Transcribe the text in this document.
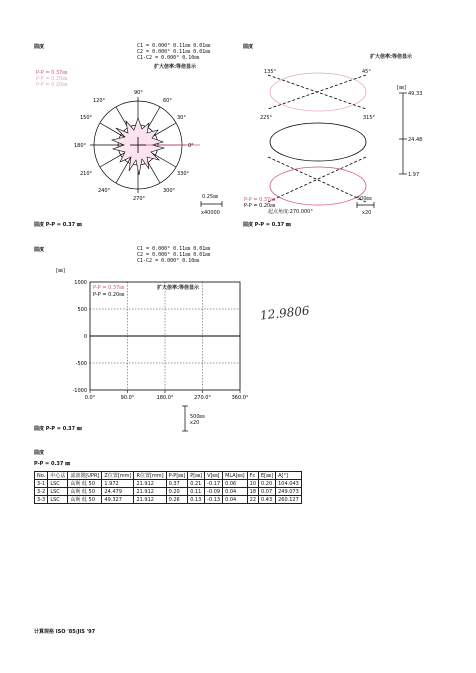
圆度	C1 = 0.000° 0.11㎜ 0.01㎜
C2 = 0.000° 0.11㎜ 0.01㎜
C1-C2 = 0.000° 0.10㎜
扩大倍率:等倍显示
P-P = 0.37㎜
P-P = 0.20㎜
P-P = 0.20㎜
90°
60°
30°
0°
330°
300°
270°
240°
210°
180°
150°
120°
0.25㎜
x40000
圆度 P-P = 0.37 ㎜
圆度
扩大倍率:等倍显示
135°	45°
225°	315°
[㎜]
49.33
24.48
1.97
P-P = 0.37㎜
P-P = 0.20㎜
起点角度:270.000°
500㎜
x20
圆度 P-P = 0.37 ㎜
圆度	C1 = 0.000° 0.11㎜ 0.01㎜
C2 = 0.000° 0.11㎜ 0.01㎜
C1-C2 = 0.000° 0.10㎜
[㎜]
1000
500
0
-500
-1000
0.0°	90.0°	180.0°	270.0°	360.0°
P-P = 0.37㎜
P-P = 0.20㎜
扩大倍率:等倍显示
500㎜
x20
圆度 P-P = 0.37 ㎜
12.9806
圆度
P-P = 0.37 ㎜
No.	中心法	滤波器[UPR]	Z位置[mm]	R位置[mm]	P-P[㎜]	P[㎜]	V[㎜]	MLA[㎜]	Fc	E[㎜]	A[°]
3-1	LSC	高斯 低 50	1.972	21.912	0.37	0.21	-0.17	0.06	10	0.20	104.043
3-2	LSC	高斯 低 50	24.479	21.912	0.20	0.11	-0.09	0.04	18	0.07	249.073
3-3	LSC	高斯 低 50	49.327	21.912	0.26	0.13	-0.13	0.04	22	0.43	260.127
计算规格 ISO '85/JIS '97
